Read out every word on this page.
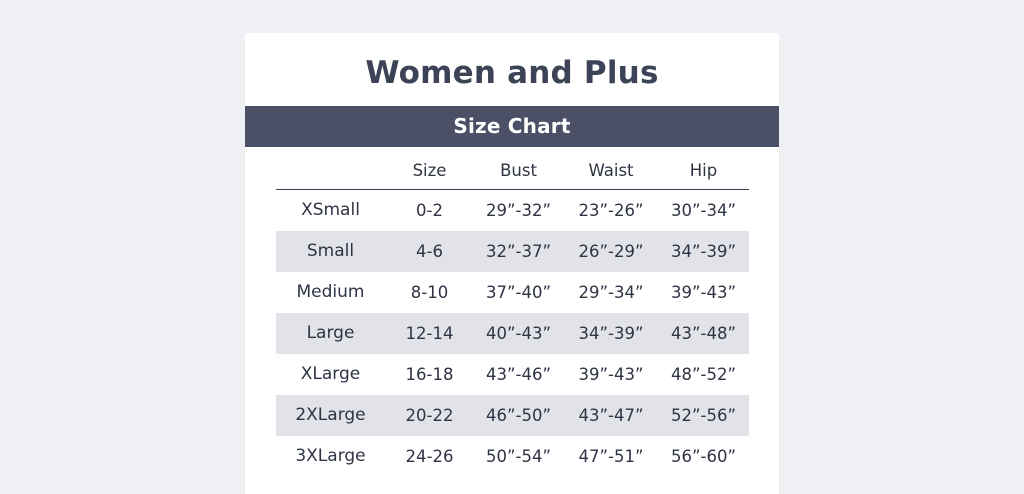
Women and Plus
Size Chart
	Size	Bust	Waist	Hip
XSmall	0-2	29”-32”	23”-26”	30”-34”
Small	4-6	32”-37”	26”-29”	34”-39”
Medium	8-10	37”-40”	29”-34”	39”-43”
Large	12-14	40”-43”	34”-39”	43”-48”
XLarge	16-18	43”-46”	39”-43”	48”-52”
2XLarge	20-22	46”-50”	43”-47”	52”-56”
3XLarge	24-26	50”-54”	47”-51”	56”-60”
